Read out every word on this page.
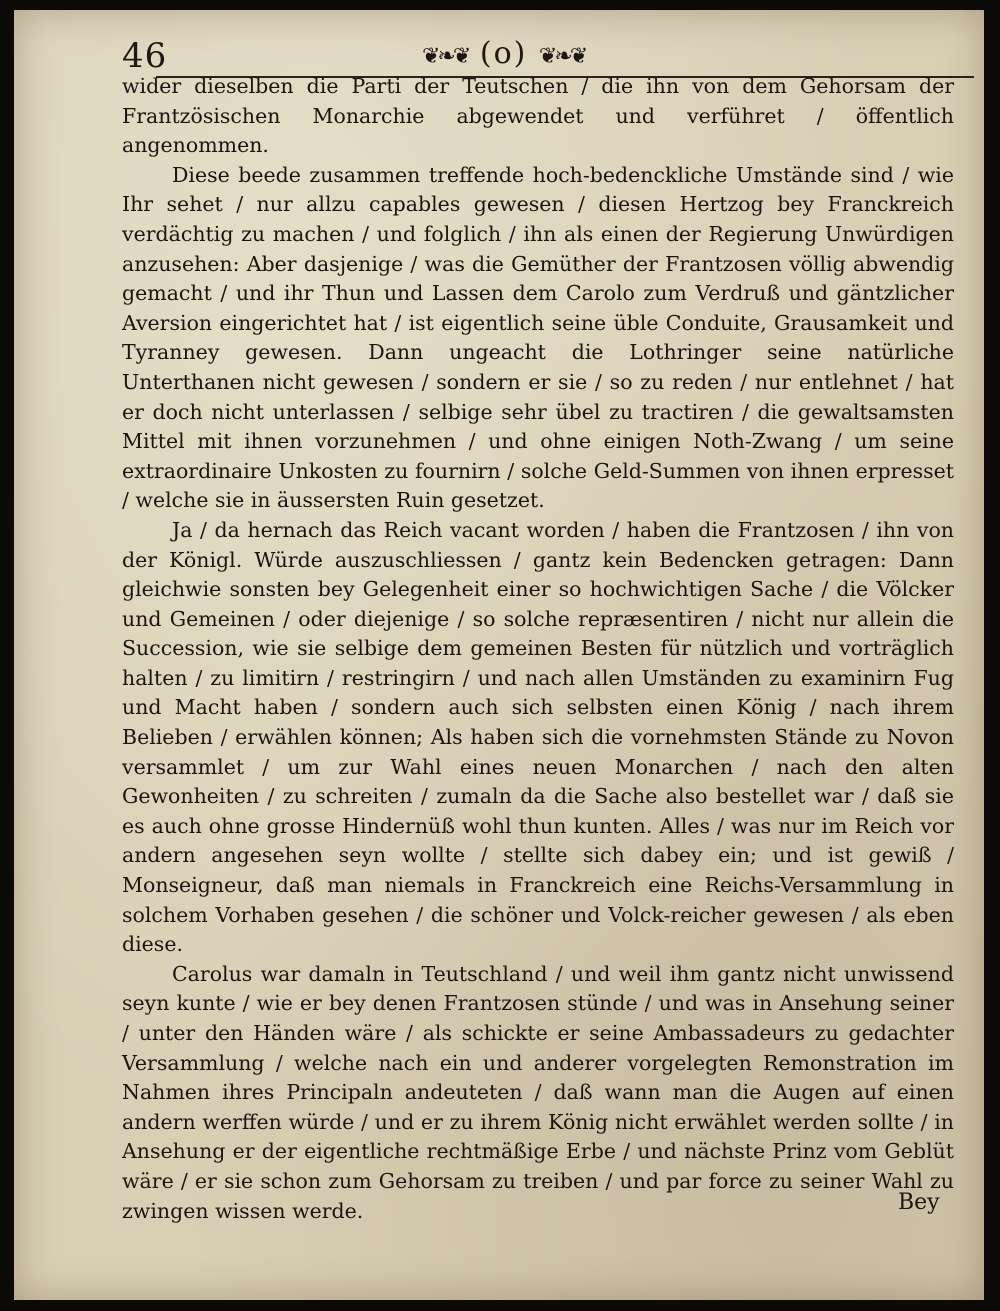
46	❦❧❦ (o) ❦❧❦

wider dieselben die Parti der Teutschen / die ihn von dem Gehorsam der Frantzösischen Monarchie abgewendet und verführet / öffentlich angenommen.

Diese beede zusammen treffende hoch-bedenckliche Umstände sind / wie Ihr sehet / nur allzu capables gewesen / diesen Hertzog bey Franckreich verdächtig zu machen / und folglich / ihn als einen der Regierung Unwürdigen anzusehen: Aber dasjenige / was die Gemüther der Frantzosen völlig abwendig gemacht / und ihr Thun und Lassen dem Carolo zum Verdruß und gäntzlicher Aversion eingerichtet hat / ist eigentlich seine üble Conduite, Grausamkeit und Tyranney gewesen. Dann ungeacht die Lothringer seine natürliche Unterthanen nicht gewesen / sondern er sie / so zu reden / nur entlehnet / hat er doch nicht unterlassen / selbige sehr übel zu tractiren / die gewaltsamsten Mittel mit ihnen vorzunehmen / und ohne einigen Noth-Zwang / um seine extraordinaire Unkosten zu fournirn / solche Geld-Summen von ihnen erpresset / welche sie in äussersten Ruin gesetzet.

Ja / da hernach das Reich vacant worden / haben die Frantzosen / ihn von der Königl. Würde auszuschliessen / gantz kein Bedencken getragen: Dann gleichwie sonsten bey Gelegenheit einer so hochwichtigen Sache / die Völcker und Gemeinen / oder diejenige / so solche repræsentiren / nicht nur allein die Succession, wie sie selbige dem gemeinen Besten für nützlich und vorträglich halten / zu limitirn / restringirn / und nach allen Umständen zu examinirn Fug und Macht haben / sondern auch sich selbsten einen König / nach ihrem Belieben / erwählen können; Als haben sich die vornehmsten Stände zu Novon versammlet / um zur Wahl eines neuen Monarchen / nach den alten Gewonheiten / zu schreiten / zumaln da die Sache also bestellet war / daß sie es auch ohne grosse Hindernüß wohl thun kunten. Alles / was nur im Reich vor andern angesehen seyn wollte / stellte sich dabey ein; und ist gewiß / Monseigneur, daß man niemals in Franckreich eine Reichs-Versammlung in solchem Vorhaben gesehen / die schöner und Volck-reicher gewesen / als eben diese.

Carolus war damaln in Teutschland / und weil ihm gantz nicht unwissend seyn kunte / wie er bey denen Frantzosen stünde / und was in Ansehung seiner / unter den Händen wäre / als schickte er seine Ambassadeurs zu gedachter Versammlung / welche nach ein und anderer vorgelegten Remonstration im Nahmen ihres Principaln andeuteten / daß wann man die Augen auf einen andern werffen würde / und er zu ihrem König nicht erwählet werden sollte / in Ansehung er der eigentliche rechtmäßige Erbe / und nächste Prinz vom Geblüt wäre / er sie schon zum Gehorsam zu treiben / und par force zu seiner Wahl zu zwingen wissen werde.	Bey
